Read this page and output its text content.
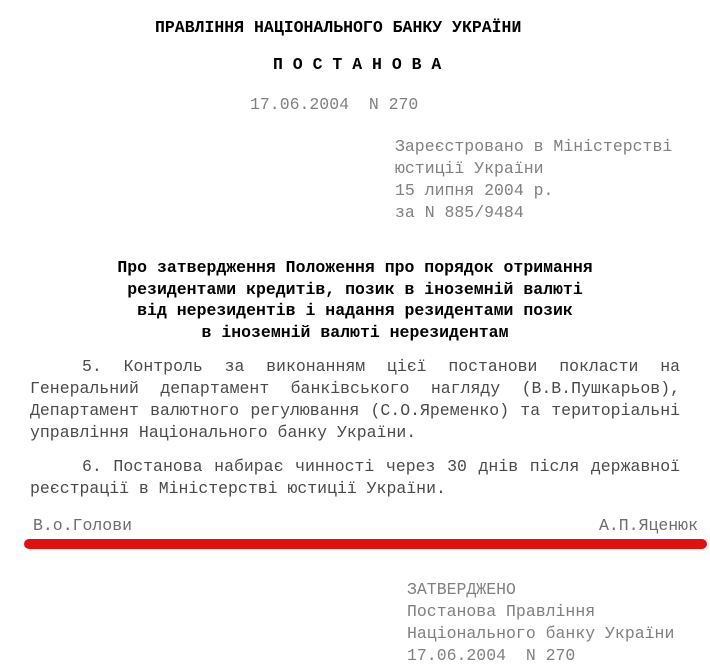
ПРАВЛІННЯ НАЦІОНАЛЬНОГО БАНКУ УКРАЇНИ
П О С Т А Н О В А
17.06.2004  N 270
Зареєстровано в Міністерстві
юстиції України
15 липня 2004 р.
за N 885/9484
Про затвердження Положення про порядок отримання
резидентами кредитів, позик в іноземній валюті
від нерезидентів і надання резидентами позик
в іноземній валюті нерезидентам
5. Контроль за виконанням цієї постанови покласти на
Генеральний департамент банківського нагляду (В.В.Пушкарьов),
Департамент валютного регулювання (С.О.Яременко) та територіальні
управління Національного банку України.
6. Постанова набирає чинності через 30 днів після державної
реєстрації в Міністерстві юстиції України.
В.о.Голови	А.П.Яценюк
ЗАТВЕРДЖЕНО
Постанова Правління
Національного банку України
17.06.2004  N 270
